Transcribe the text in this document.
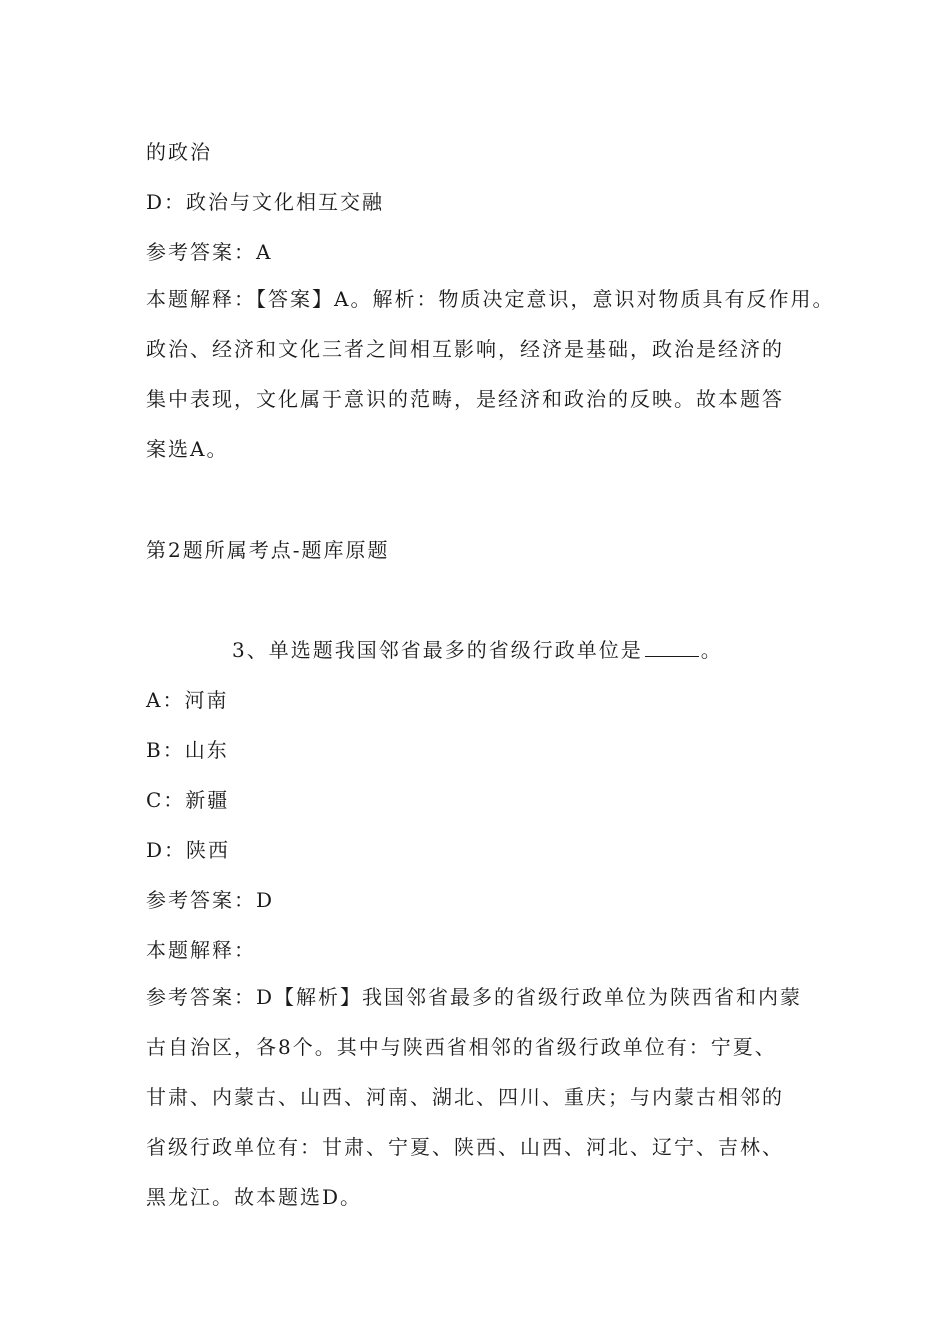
的政治
D：政治与文化相互交融
参考答案：A
本题解释：【答案】A。解析：物质决定意识，意识对物质具有反作用。
政治、经济和文化三者之间相互影响，经济是基础，政治是经济的
集中表现，文化属于意识的范畴，是经济和政治的反映。故本题答
案选A。
第2题所属考点-题库原题
3、单选题我国邻省最多的省级行政单位是	。
A：河南
B：山东
C：新疆
D：陕西
参考答案：D
本题解释：
参考答案：D【解析】我国邻省最多的省级行政单位为陕西省和内蒙
古自治区，各8个。其中与陕西省相邻的省级行政单位有：宁夏、
甘肃、内蒙古、山西、河南、湖北、四川、重庆；与内蒙古相邻的
省级行政单位有：甘肃、宁夏、陕西、山西、河北、辽宁、吉林、
黑龙江。故本题选D。
